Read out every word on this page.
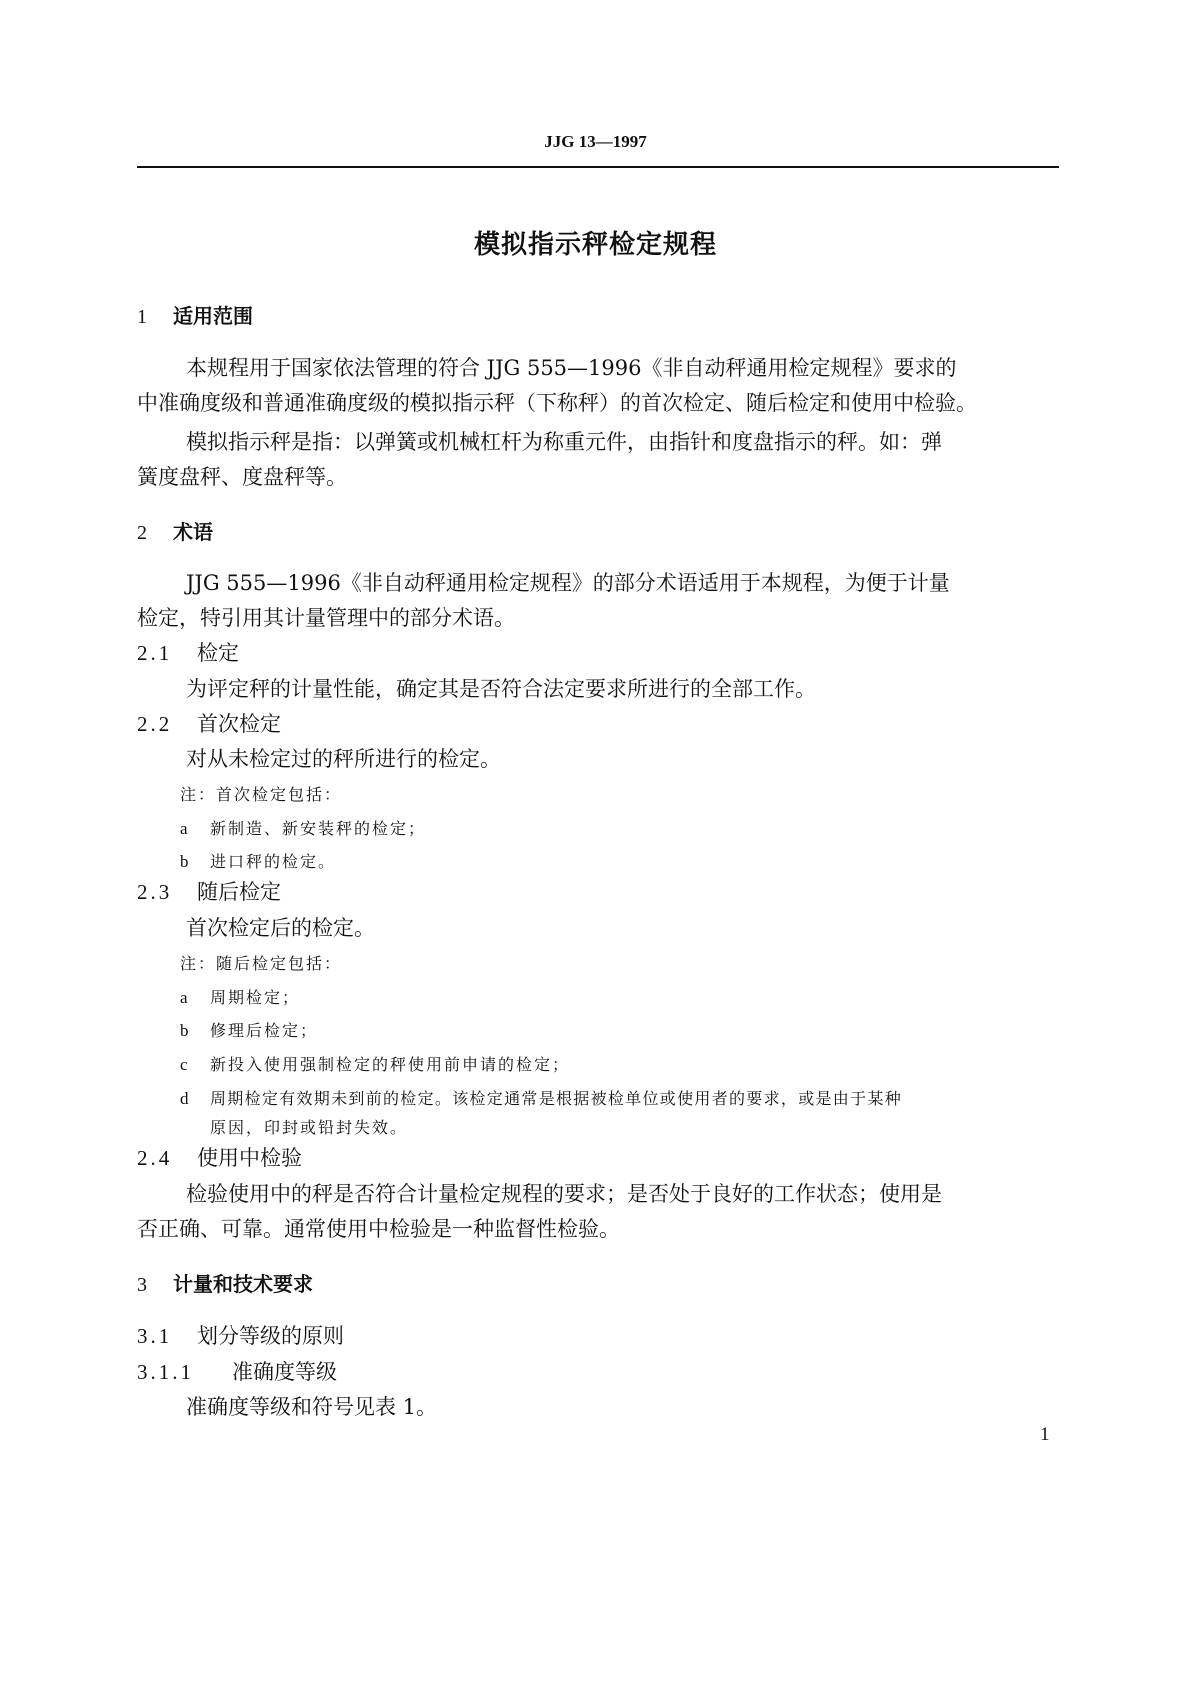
JJG 13—1997
模拟指示秤检定规程
1 适用范围
本规程用于国家依法管理的符合 JJG 555—1996《非自动秤通用检定规程》要求的
中准确度级和普通准确度级的模拟指示秤（下称秤）的首次检定、随后检定和使用中检验。
模拟指示秤是指：以弹簧或机械杠杆为称重元件，由指针和度盘指示的秤。如：弹
簧度盘秤、度盘秤等。
2 术语
JJG 555—1996《非自动秤通用检定规程》的部分术语适用于本规程，为便于计量
检定，特引用其计量管理中的部分术语。
2.1 检定
为评定秤的计量性能，确定其是否符合法定要求所进行的全部工作。
2.2 首次检定
对从未检定过的秤所进行的检定。
注：首次检定包括：
a 新制造、新安装秤的检定；
b 进口秤的检定。
2.3 随后检定
首次检定后的检定。
注：随后检定包括：
a 周期检定；
b 修理后检定；
c 新投入使用强制检定的秤使用前申请的检定；
d 周期检定有效期未到前的检定。该检定通常是根据被检单位或使用者的要求，或是由于某种
原因，印封或铅封失效。
2.4 使用中检验
检验使用中的秤是否符合计量检定规程的要求；是否处于良好的工作状态；使用是
否正确、可靠。通常使用中检验是一种监督性检验。
3 计量和技术要求
3.1 划分等级的原则
3.1.1 准确度等级
准确度等级和符号见表 1。
1
